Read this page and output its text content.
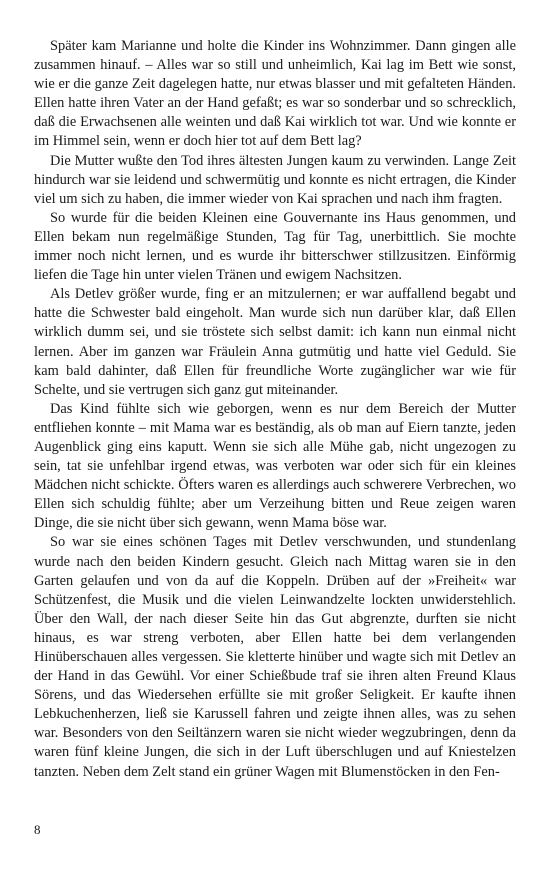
Später kam Marianne und holte die Kinder ins Wohnzimmer. Dann gingen alle zusammen hinauf. – Alles war so still und unheimlich, Kai lag im Bett wie sonst, wie er die ganze Zeit dagelegen hatte, nur etwas blasser und mit gefalteten Händen. Ellen hatte ihren Vater an der Hand gefaßt; es war so sonderbar und so schrecklich, daß die Erwachsenen alle weinten und daß Kai wirklich tot war. Und wie konnte er im Himmel sein, wenn er doch hier tot auf dem Bett lag?

Die Mutter wußte den Tod ihres ältesten Jungen kaum zu verwinden. Lange Zeit hindurch war sie leidend und schwermütig und konnte es nicht ertragen, die Kinder viel um sich zu haben, die immer wieder von Kai sprachen und nach ihm fragten.

So wurde für die beiden Kleinen eine Gouvernante ins Haus genommen, und Ellen bekam nun regelmäßige Stunden, Tag für Tag, unerbittlich. Sie mochte immer noch nicht lernen, und es wurde ihr bitterschwer stillzusitzen. Einförmig liefen die Tage hin unter vielen Tränen und ewigem Nachsitzen.

Als Detlev größer wurde, fing er an mitzulernen; er war auffallend begabt und hatte die Schwester bald eingeholt. Man wurde sich nun darüber klar, daß Ellen wirklich dumm sei, und sie tröstete sich selbst damit: ich kann nun einmal nicht lernen. Aber im ganzen war Fräulein Anna gutmütig und hatte viel Geduld. Sie kam bald dahinter, daß Ellen für freundliche Worte zugänglicher war wie für Schelte, und sie vertrugen sich ganz gut miteinander.

Das Kind fühlte sich wie geborgen, wenn es nur dem Bereich der Mutter entfliehen konnte – mit Mama war es beständig, als ob man auf Eiern tanzte, jeden Augenblick ging eins kaputt. Wenn sie sich alle Mühe gab, nicht ungezogen zu sein, tat sie unfehlbar irgend etwas, was verboten war oder sich für ein kleines Mädchen nicht schickte. Öfters waren es allerdings auch schwerere Verbrechen, wo Ellen sich schuldig fühlte; aber um Verzeihung bitten und Reue zeigen waren Dinge, die sie nicht über sich gewann, wenn Mama böse war.

So war sie eines schönen Tages mit Detlev verschwunden, und stundenlang wurde nach den beiden Kindern gesucht. Gleich nach Mittag waren sie in den Garten gelaufen und von da auf die Koppeln. Drüben auf der »Freiheit« war Schützenfest, die Musik und die vielen Leinwandzelte lockten unwiderstehlich. Über den Wall, der nach dieser Seite hin das Gut abgrenzte, durften sie nicht hinaus, es war streng verboten, aber Ellen hatte bei dem verlangenden Hinüberschauen alles vergessen. Sie kletterte hinüber und wagte sich mit Detlev an der Hand in das Gewühl. Vor einer Schießbude traf sie ihren alten Freund Klaus Sörens, und das Wiedersehen erfüllte sie mit großer Seligkeit. Er kaufte ihnen Lebkuchenherzen, ließ sie Karussell fahren und zeigte ihnen alles, was zu sehen war. Besonders von den Seiltänzern waren sie nicht wieder wegzubringen, denn da waren fünf kleine Jungen, die sich in der Luft überschlugen und auf Kniestelzen tanzten. Neben dem Zelt stand ein grüner Wagen mit Blumenstöcken in den Fen-

8
